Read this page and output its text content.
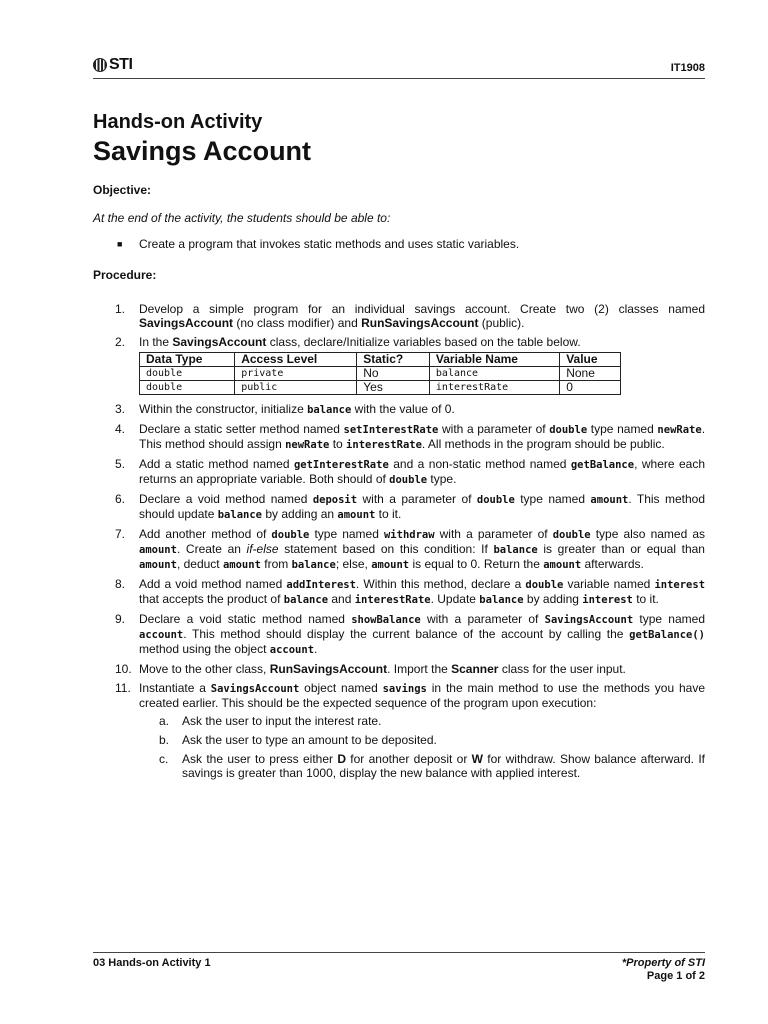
STI	IT1908
Hands-on Activity
Savings Account
Objective:
At the end of the activity, the students should be able to:
■	Create a program that invokes static methods and uses static variables.
Procedure:
1.	Develop a simple program for an individual savings account. Create two (2) classes named SavingsAccount (no class modifier) and RunSavingsAccount (public).
2.	In the SavingsAccount class, declare/Initialize variables based on the table below.
Data Type	Access Level	Static?	Variable Name	Value
double	private	No	balance	None
double	public	Yes	interestRate	0
3.	Within the constructor, initialize balance with the value of 0.
4.	Declare a static setter method named setInterestRate with a parameter of double type named newRate. This method should assign newRate to interestRate. All methods in the program should be public.
5.	Add a static method named getInterestRate and a non-static method named getBalance, where each returns an appropriate variable. Both should of double type.
6.	Declare a void method named deposit with a parameter of double type named amount. This method should update balance by adding an amount to it.
7.	Add another method of double type named withdraw with a parameter of double type also named as amount. Create an if-else statement based on this condition: If balance is greater than or equal than amount, deduct amount from balance; else, amount is equal to 0. Return the amount afterwards.
8.	Add a void method named addInterest. Within this method, declare a double variable named interest that accepts the product of balance and interestRate. Update balance by adding interest to it.
9.	Declare a void static method named showBalance with a parameter of SavingsAccount type named account. This method should display the current balance of the account by calling the getBalance() method using the object account.
10. Move to the other class, RunSavingsAccount. Import the Scanner class for the user input.
11. Instantiate a SavingsAccount object named savings in the main method to use the methods you have created earlier. This should be the expected sequence of the program upon execution:
a.	Ask the user to input the interest rate.
b.	Ask the user to type an amount to be deposited.
c.	Ask the user to press either D for another deposit or W for withdraw. Show balance afterward. If savings is greater than 1000, display the new balance with applied interest.
03 Hands-on Activity 1	*Property of STI
Page 1 of 2
